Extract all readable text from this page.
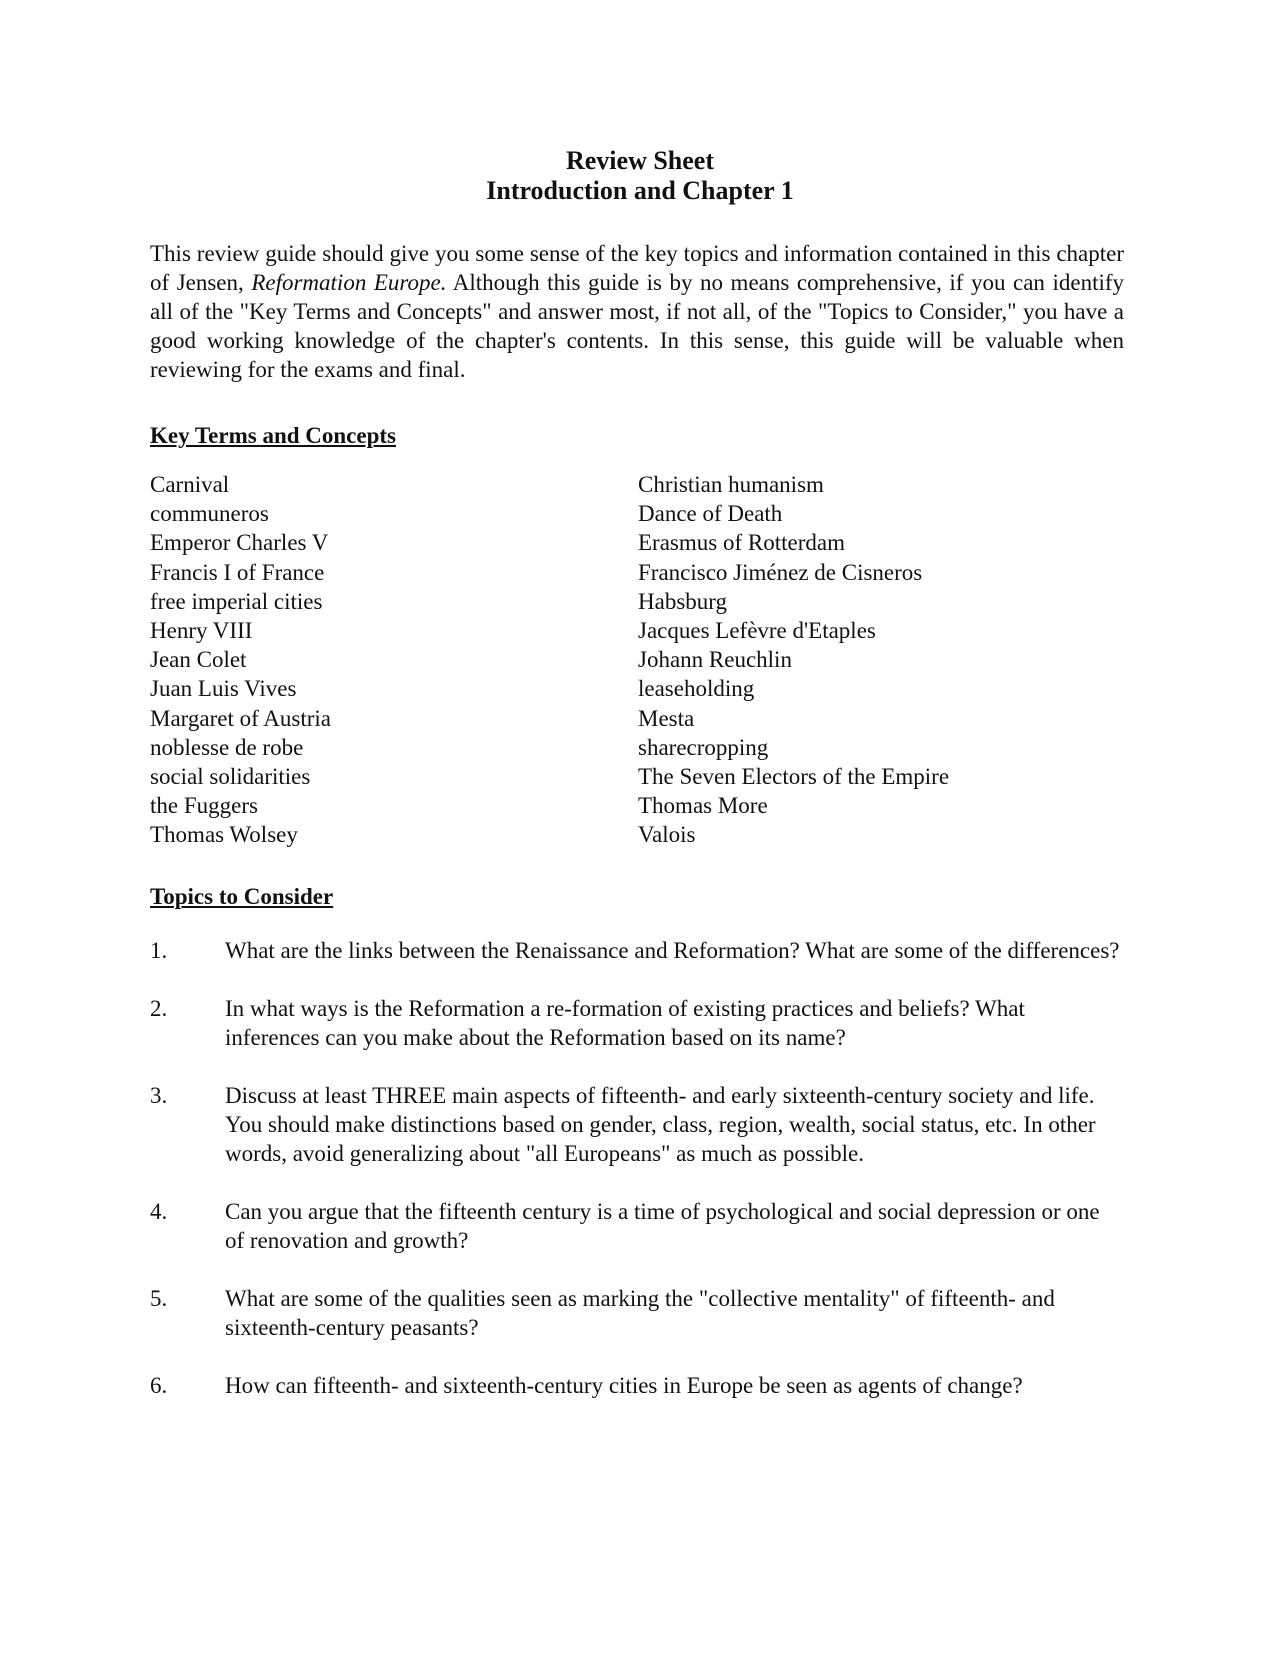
Review Sheet
Introduction and Chapter 1

This review guide should give you some sense of the key topics and information contained in this chapter of Jensen, Reformation Europe. Although this guide is by no means comprehensive, if you can identify all of the "Key Terms and Concepts" and answer most, if not all, of the "Topics to Consider," you have a good working knowledge of the chapter's contents. In this sense, this guide will be valuable when reviewing for the exams and final.

Key Terms and Concepts
Carnival	Christian humanism
communeros	Dance of Death
Emperor Charles V	Erasmus of Rotterdam
Francis I of France	Francisco Jiménez de Cisneros
free imperial cities	Habsburg
Henry VIII	Jacques Lefèvre d'Etaples
Jean Colet	Johann Reuchlin
Juan Luis Vives	leaseholding
Margaret of Austria	Mesta
noblesse de robe	sharecropping
social solidarities	The Seven Electors of the Empire
the Fuggers	Thomas More
Thomas Wolsey	Valois
Topics to Consider
1.	What are the links between the Renaissance and Reformation? What are some of the differences?
2.	In what ways is the Reformation a re-formation of existing practices and beliefs? What inferences can you make about the Reformation based on its name?
3.	Discuss at least THREE main aspects of fifteenth- and early sixteenth-century society and life. You should make distinctions based on gender, class, region, wealth, social status, etc. In other words, avoid generalizing about "all Europeans" as much as possible.
4.	Can you argue that the fifteenth century is a time of psychological and social depression or one of renovation and growth?
5.	What are some of the qualities seen as marking the "collective mentality" of fifteenth- and sixteenth-century peasants?
6.	How can fifteenth- and sixteenth-century cities in Europe be seen as agents of change?
